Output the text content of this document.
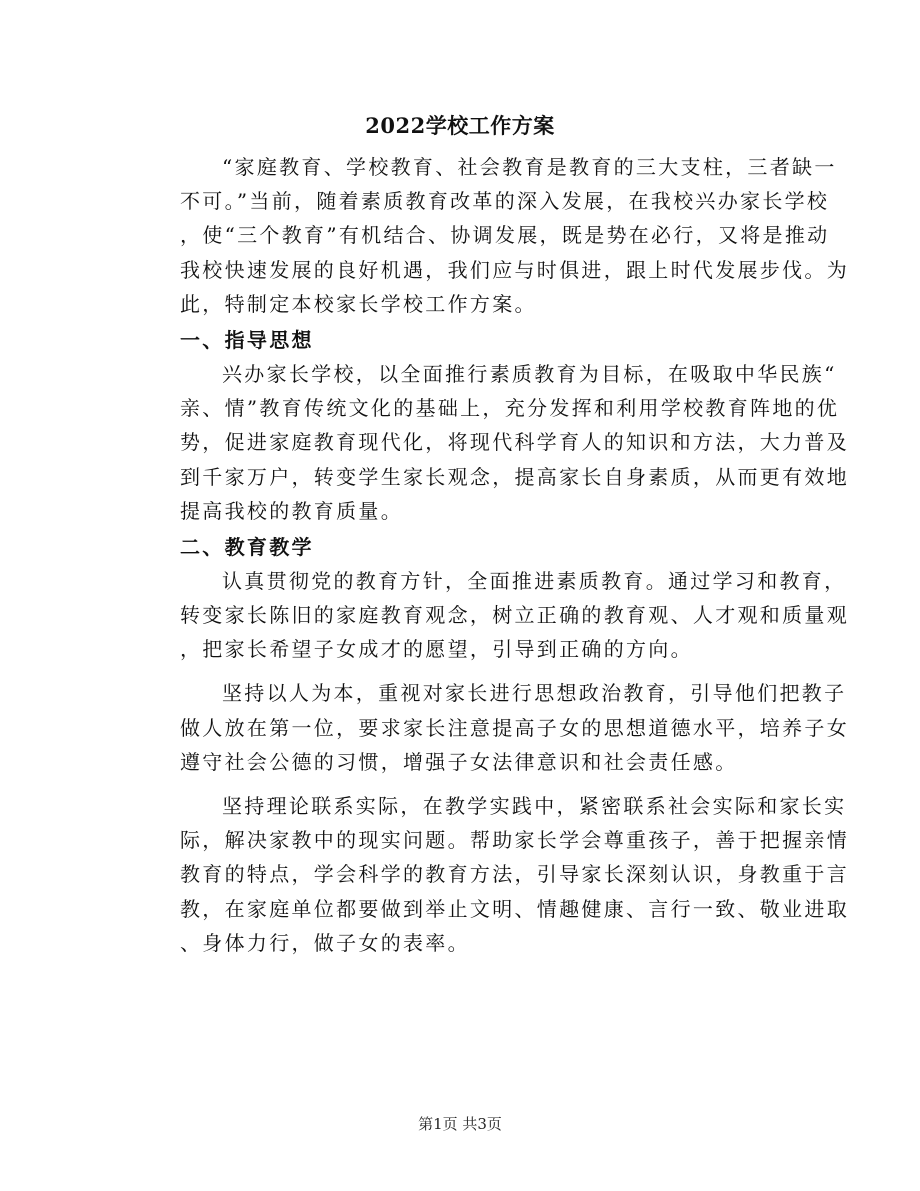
2022学校工作方案
“家庭教育、学校教育、社会教育是教育的三大支柱，三者缺一
不可。”当前，随着素质教育改革的深入发展，在我校兴办家长学校
，使“三个教育”有机结合、协调发展，既是势在必行，又将是推动
我校快速发展的良好机遇，我们应与时俱进，跟上时代发展步伐。为
此，特制定本校家长学校工作方案。
一、指导思想
兴办家长学校，以全面推行素质教育为目标，在吸取中华民族“
亲、情”教育传统文化的基础上，充分发挥和利用学校教育阵地的优
势，促进家庭教育现代化，将现代科学育人的知识和方法，大力普及
到千家万户，转变学生家长观念，提高家长自身素质，从而更有效地
提高我校的教育质量。
二、教育教学
认真贯彻党的教育方针，全面推进素质教育。通过学习和教育，
转变家长陈旧的家庭教育观念，树立正确的教育观、人才观和质量观
，把家长希望子女成才的愿望，引导到正确的方向。
坚持以人为本，重视对家长进行思想政治教育，引导他们把教子
做人放在第一位，要求家长注意提高子女的思想道德水平，培养子女
遵守社会公德的习惯，增强子女法律意识和社会责任感。
坚持理论联系实际，在教学实践中，紧密联系社会实际和家长实
际，解决家教中的现实问题。帮助家长学会尊重孩子，善于把握亲情
教育的特点，学会科学的教育方法，引导家长深刻认识，身教重于言
教，在家庭单位都要做到举止文明、情趣健康、言行一致、敬业进取
、身体力行，做子女的表率。
第1页 共3页
